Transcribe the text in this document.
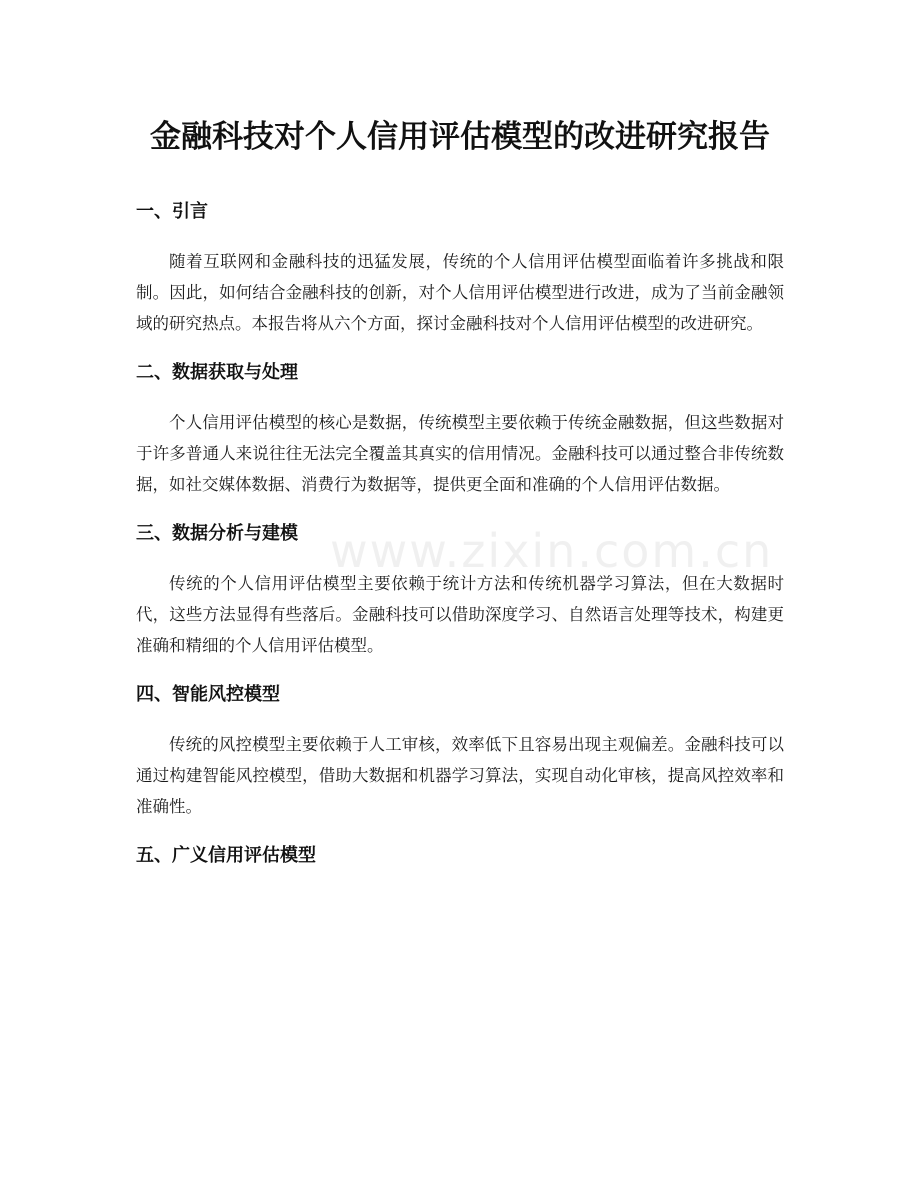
金融科技对个人信用评估模型的改进研究报告
一、引言

随着互联网和金融科技的迅猛发展，传统的个人信用评估模型面临着许多挑战和限制。因此，如何结合金融科技的创新，对个人信用评估模型进行改进，成为了当前金融领域的研究热点。本报告将从六个方面，探讨金融科技对个人信用评估模型的改进研究。

二、数据获取与处理

个人信用评估模型的核心是数据，传统模型主要依赖于传统金融数据，但这些数据对于许多普通人来说往往无法完全覆盖其真实的信用情况。金融科技可以通过整合非传统数据，如社交媒体数据、消费行为数据等，提供更全面和准确的个人信用评估数据。

三、数据分析与建模

传统的个人信用评估模型主要依赖于统计方法和传统机器学习算法，但在大数据时代，这些方法显得有些落后。金融科技可以借助深度学习、自然语言处理等技术，构建更准确和精细的个人信用评估模型。

四、智能风控模型

传统的风控模型主要依赖于人工审核，效率低下且容易出现主观偏差。金融科技可以通过构建智能风控模型，借助大数据和机器学习算法，实现自动化审核，提高风控效率和准确性。

五、广义信用评估模型
www.zixin.com.cn
